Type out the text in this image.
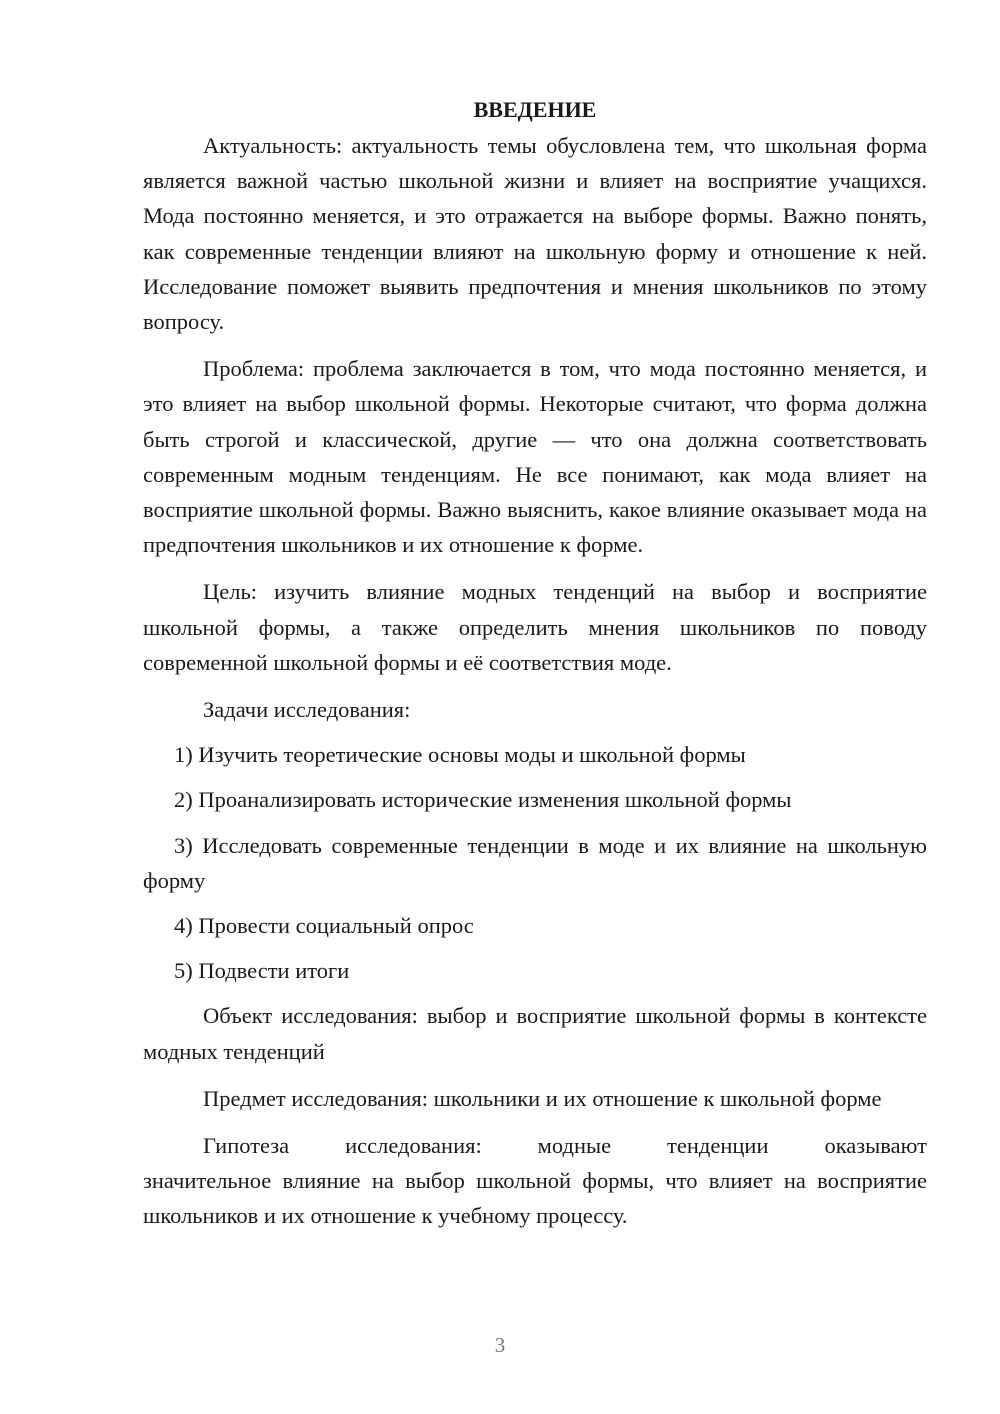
ВВЕДЕНИЕ

Актуальность: актуальность темы обусловлена тем, что школьная форма является важной частью школьной жизни и влияет на восприятие учащихся. Мода постоянно меняется, и это отражается на выборе формы. Важно понять, как современные тенденции влияют на школьную форму и отношение к ней. Исследование поможет выявить предпочтения и мнения школьников по этому вопросу.

Проблема: проблема заключается в том, что мода постоянно меняется, и это влияет на выбор школьной формы. Некоторые считают, что форма должна быть строгой и классической, другие — что она должна соответствовать современным модным тенденциям. Не все понимают, как мода влияет на восприятие школьной формы. Важно выяснить, какое влияние оказывает мода на предпочтения школьников и их отношение к форме.

Цель: изучить влияние модных тенденций на выбор и восприятие школьной формы, а также определить мнения школьников по поводу современной школьной формы и её соответствия моде.

Задачи исследования:

1) Изучить теоретические основы моды и школьной формы

2) Проанализировать исторические изменения школьной формы

3) Исследовать современные тенденции в моде и их влияние на школьную форму

4) Провести социальный опрос

5) Подвести итоги

Объект исследования: выбор и восприятие школьной формы в контексте модных тенденций

Предмет исследования: школьники и их отношение к школьной форме

Гипотеза исследования: модные тенденции оказывают

значительное влияние на выбор школьной формы, что влияет на восприятие школьников и их отношение к учебному процессу.

3
